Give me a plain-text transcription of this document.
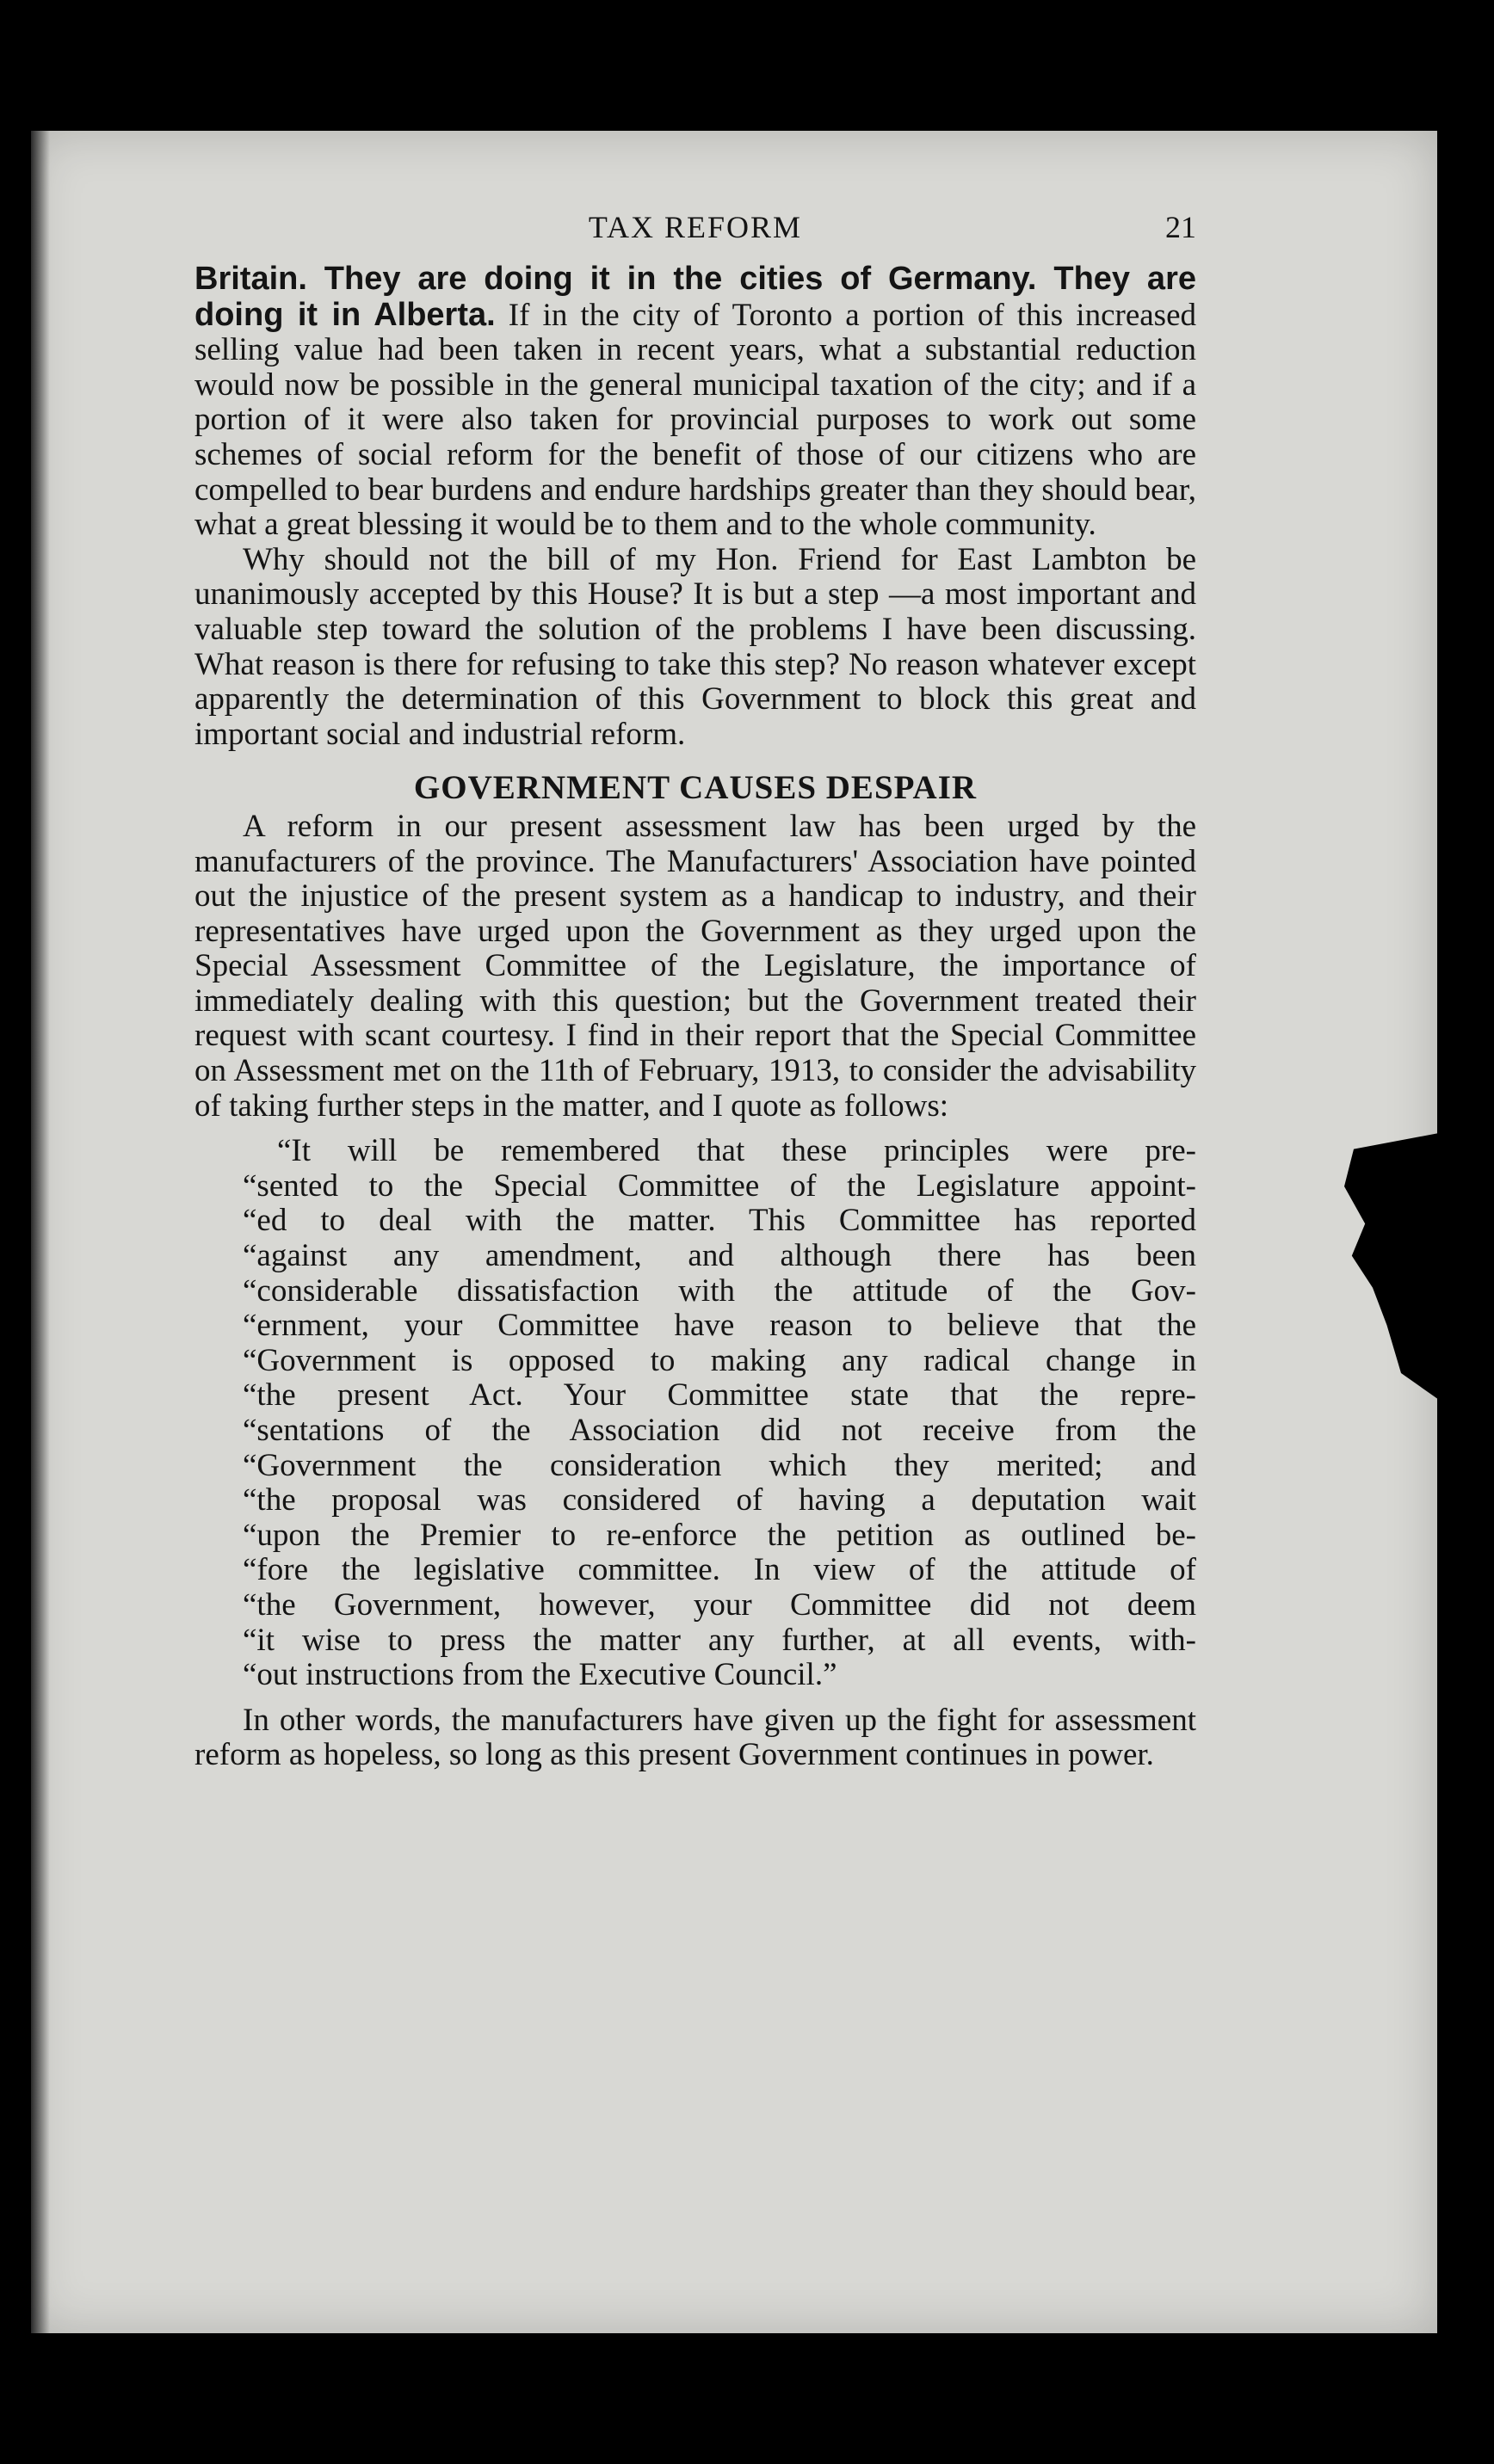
TAX REFORM	21

Britain. They are doing it in the cities of Germany. They are doing it in Alberta. If in the city of Toronto a portion of this increased selling value had been taken in recent years, what a substantial reduction would now be possible in the general municipal taxation of the city; and if a portion of it were also taken for provincial purposes to work out some schemes of social reform for the benefit of those of our citizens who are compelled to bear burdens and endure hardships greater than they should bear, what a great blessing it would be to them and to the whole community.

Why should not the bill of my Hon. Friend for East Lambton be unanimously accepted by this House? It is but a step —a most important and valuable step toward the solution of the problems I have been discussing. What reason is there for refusing to take this step? No reason whatever except apparently the determination of this Government to block this great and important social and industrial reform.

GOVERNMENT CAUSES DESPAIR

A reform in our present assessment law has been urged by the manufacturers of the province. The Manufacturers' Association have pointed out the injustice of the present system as a handicap to industry, and their representatives have urged upon the Government as they urged upon the Special Assessment Committee of the Legislature, the importance of immediately dealing with this question; but the Government treated their request with scant courtesy. I find in their report that the Special Committee on Assessment met on the 11th of February, 1913, to consider the advisability of taking further steps in the matter, and I quote as follows:

“It will be remembered that these principles were pre-
“sented to the Special Committee of the Legislature appoint-
“ed to deal with the matter. This Committee has reported
“against any amendment, and although there has been
“considerable dissatisfaction with the attitude of the Gov-
“ernment, your Committee have reason to believe that the
“Government is opposed to making any radical change in
“the present Act. Your Committee state that the repre-
“sentations of the Association did not receive from the
“Government the consideration which they merited; and
“the proposal was considered of having a deputation wait
“upon the Premier to re-enforce the petition as outlined be-
“fore the legislative committee. In view of the attitude of
“the Government, however, your Committee did not deem
“it wise to press the matter any further, at all events, with-
“out instructions from the Executive Council.”

In other words, the manufacturers have given up the fight for assessment reform as hopeless, so long as this present Government continues in power.
